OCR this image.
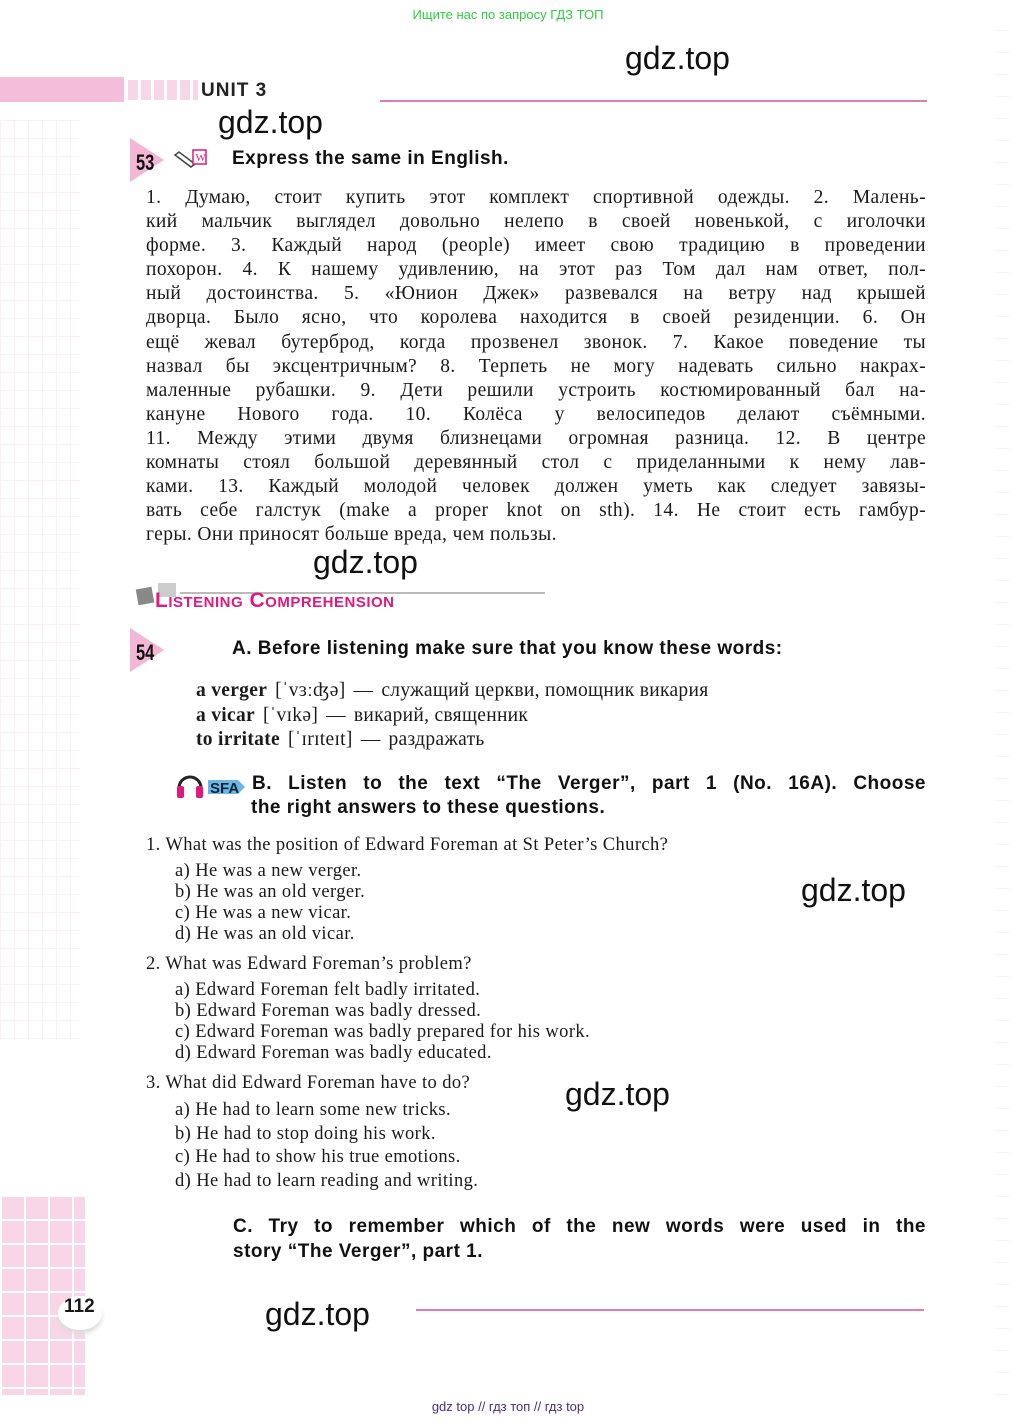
Ищите нас по запросу ГДЗ ТОП
UNIT 3
gdz.top
gdz.top
gdz.top
gdz.top
gdz.top
gdz.top
53	W Express the same in English.
1. Думаю, стоит купить этот комплект спортивной одежды. 2. Малень-
кий мальчик выглядел довольно нелепо в своей новенькой, с иголочки
форме. 3. Каждый народ (people) имеет свою традицию в проведении
похорон. 4. К нашему удивлению, на этот раз Том дал нам ответ, пол-
ный достоинства. 5. «Юнион Джек» развевался на ветру над крышей
дворца. Было ясно, что королева находится в своей резиденции. 6. Он
ещё жевал бутерброд, когда прозвенел звонок. 7. Какое поведение ты
назвал бы эксцентричным? 8. Терпеть не могу надевать сильно накрах-
маленные рубашки. 9. Дети решили устроить костюмированный бал на-
кануне Нового года. 10. Колёса у велосипедов делают съёмными.
11. Между этими двумя близнецами огромная разница. 12. В центре
комнаты стоял большой деревянный стол с приделанными к нему лав-
ками. 13. Каждый молодой человек должен уметь как следует завязы-
вать себе галстук (make a proper knot on sth). 14. Не стоит есть гамбур-
геры. Они приносят больше вреда, чем пользы.
Listening Comprehension
54	A. Before listening make sure that you know these words:
a verger [ˈvɜːʤə] — служащий церкви, помощник викария
a vicar [ˈvɪkə] — викарий, священник
to irritate [ˈɪrɪteɪt] — раздражать
SFA B. Listen to the text “The Verger”, part 1 (No. 16A). Choose
the right answers to these questions.
1. What was the position of Edward Foreman at St Peter’s Church?
a) He was a new verger.
b) He was an old verger.
c) He was a new vicar.
d) He was an old vicar.
2. What was Edward Foreman’s problem?
a) Edward Foreman felt badly irritated.
b) Edward Foreman was badly dressed.
c) Edward Foreman was badly prepared for his work.
d) Edward Foreman was badly educated.
3. What did Edward Foreman have to do?
a) He had to learn some new tricks.
b) He had to stop doing his work.
c) He had to show his true emotions.
d) He had to learn reading and writing.
C. Try to remember which of the new words were used in the
story “The Verger”, part 1.
112
gdz top // гдз топ // гдз top
